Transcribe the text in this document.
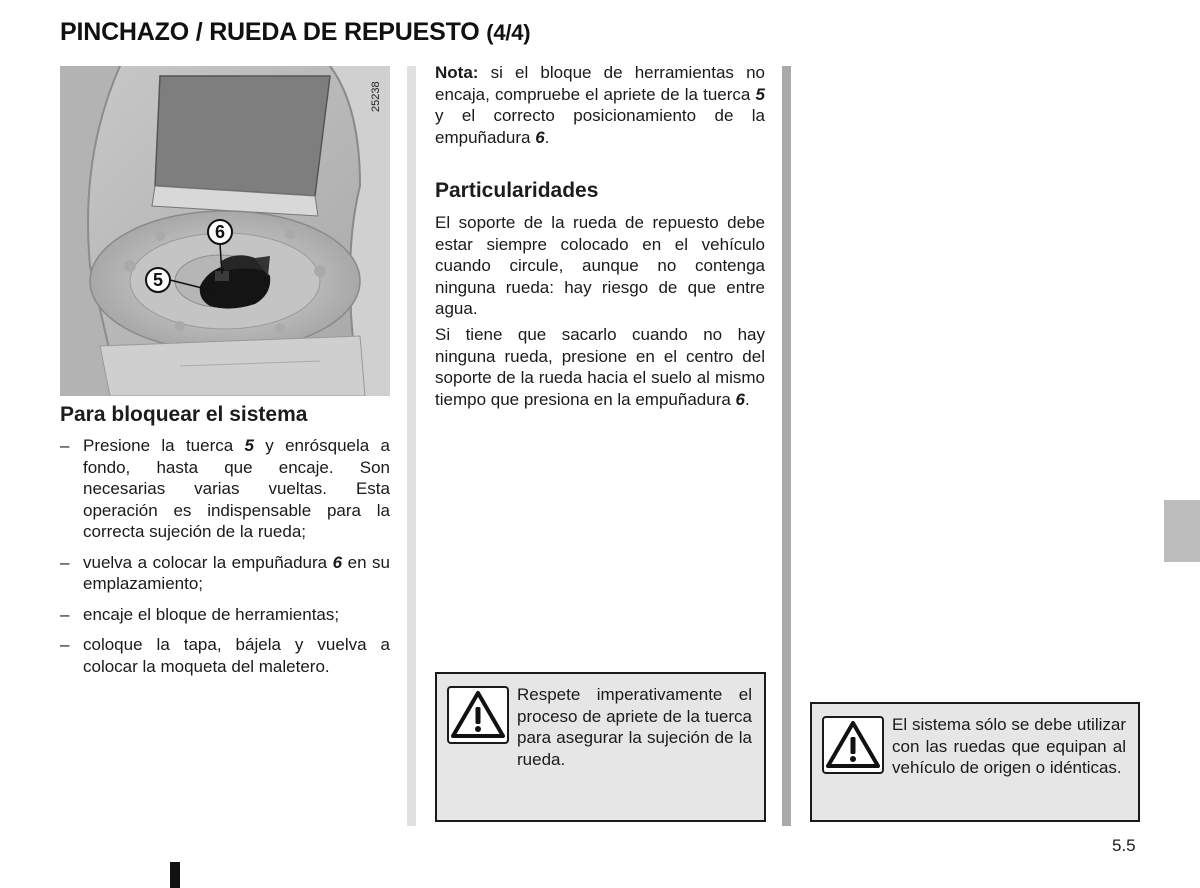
PINCHAZO / RUEDA DE REPUESTO (4/4)
6
5
25238
Para bloquear el sistema
– Presione la tuerca 5 y enrósquela a fondo, hasta que encaje. Son necesarias varias vueltas. Esta operación es indispensable para la correcta sujeción de la rueda;
– vuelva a colocar la empuñadura 6 en su emplazamiento;
– encaje el bloque de herramientas;
– coloque la tapa, bájela y vuelva a colocar la moqueta del maletero.
Nota: si el bloque de herramientas no encaja, compruebe el apriete de la tuerca 5 y el correcto posicionamiento de la empuñadura 6.
Particularidades
El soporte de la rueda de repuesto debe estar siempre colocado en el vehículo cuando circule, aunque no contenga ninguna rueda: hay riesgo de que entre agua.
Si tiene que sacarlo cuando no hay ninguna rueda, presione en el centro del soporte de la rueda hacia el suelo al mismo tiempo que presiona en la empuñadura 6.
Respete imperativamente el proceso de apriete de la tuerca para asegurar la sujeción de la rueda.
El sistema sólo se debe utilizar con las ruedas que equipan al vehículo de origen o idénticas.
5.5
